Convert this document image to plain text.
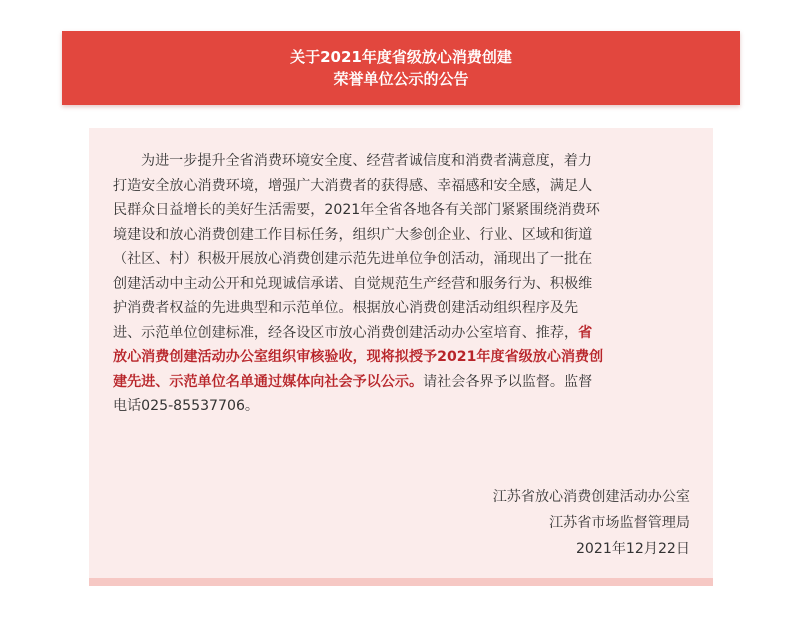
关于2021年度省级放心消费创建
荣誉单位公示的公告
为进一步提升全省消费环境安全度、经营者诚信度和消费者满意度，着力
打造安全放心消费环境，增强广大消费者的获得感、幸福感和安全感，满足人
民群众日益增长的美好生活需要，2021年全省各地各有关部门紧紧围绕消费环
境建设和放心消费创建工作目标任务，组织广大参创企业、行业、区域和街道
（社区、村）积极开展放心消费创建示范先进单位争创活动，涌现出了一批在
创建活动中主动公开和兑现诚信承诺、自觉规范生产经营和服务行为、积极维
护消费者权益的先进典型和示范单位。根据放心消费创建活动组织程序及先
进、示范单位创建标准，经各设区市放心消费创建活动办公室培育、推荐，省
放心消费创建活动办公室组织审核验收，现将拟授予2021年度省级放心消费创
建先进、示范单位名单通过媒体向社会予以公示。请社会各界予以监督。监督
电话025-85537706。
江苏省放心消费创建活动办公室
江苏省市场监督管理局
2021年12月22日
